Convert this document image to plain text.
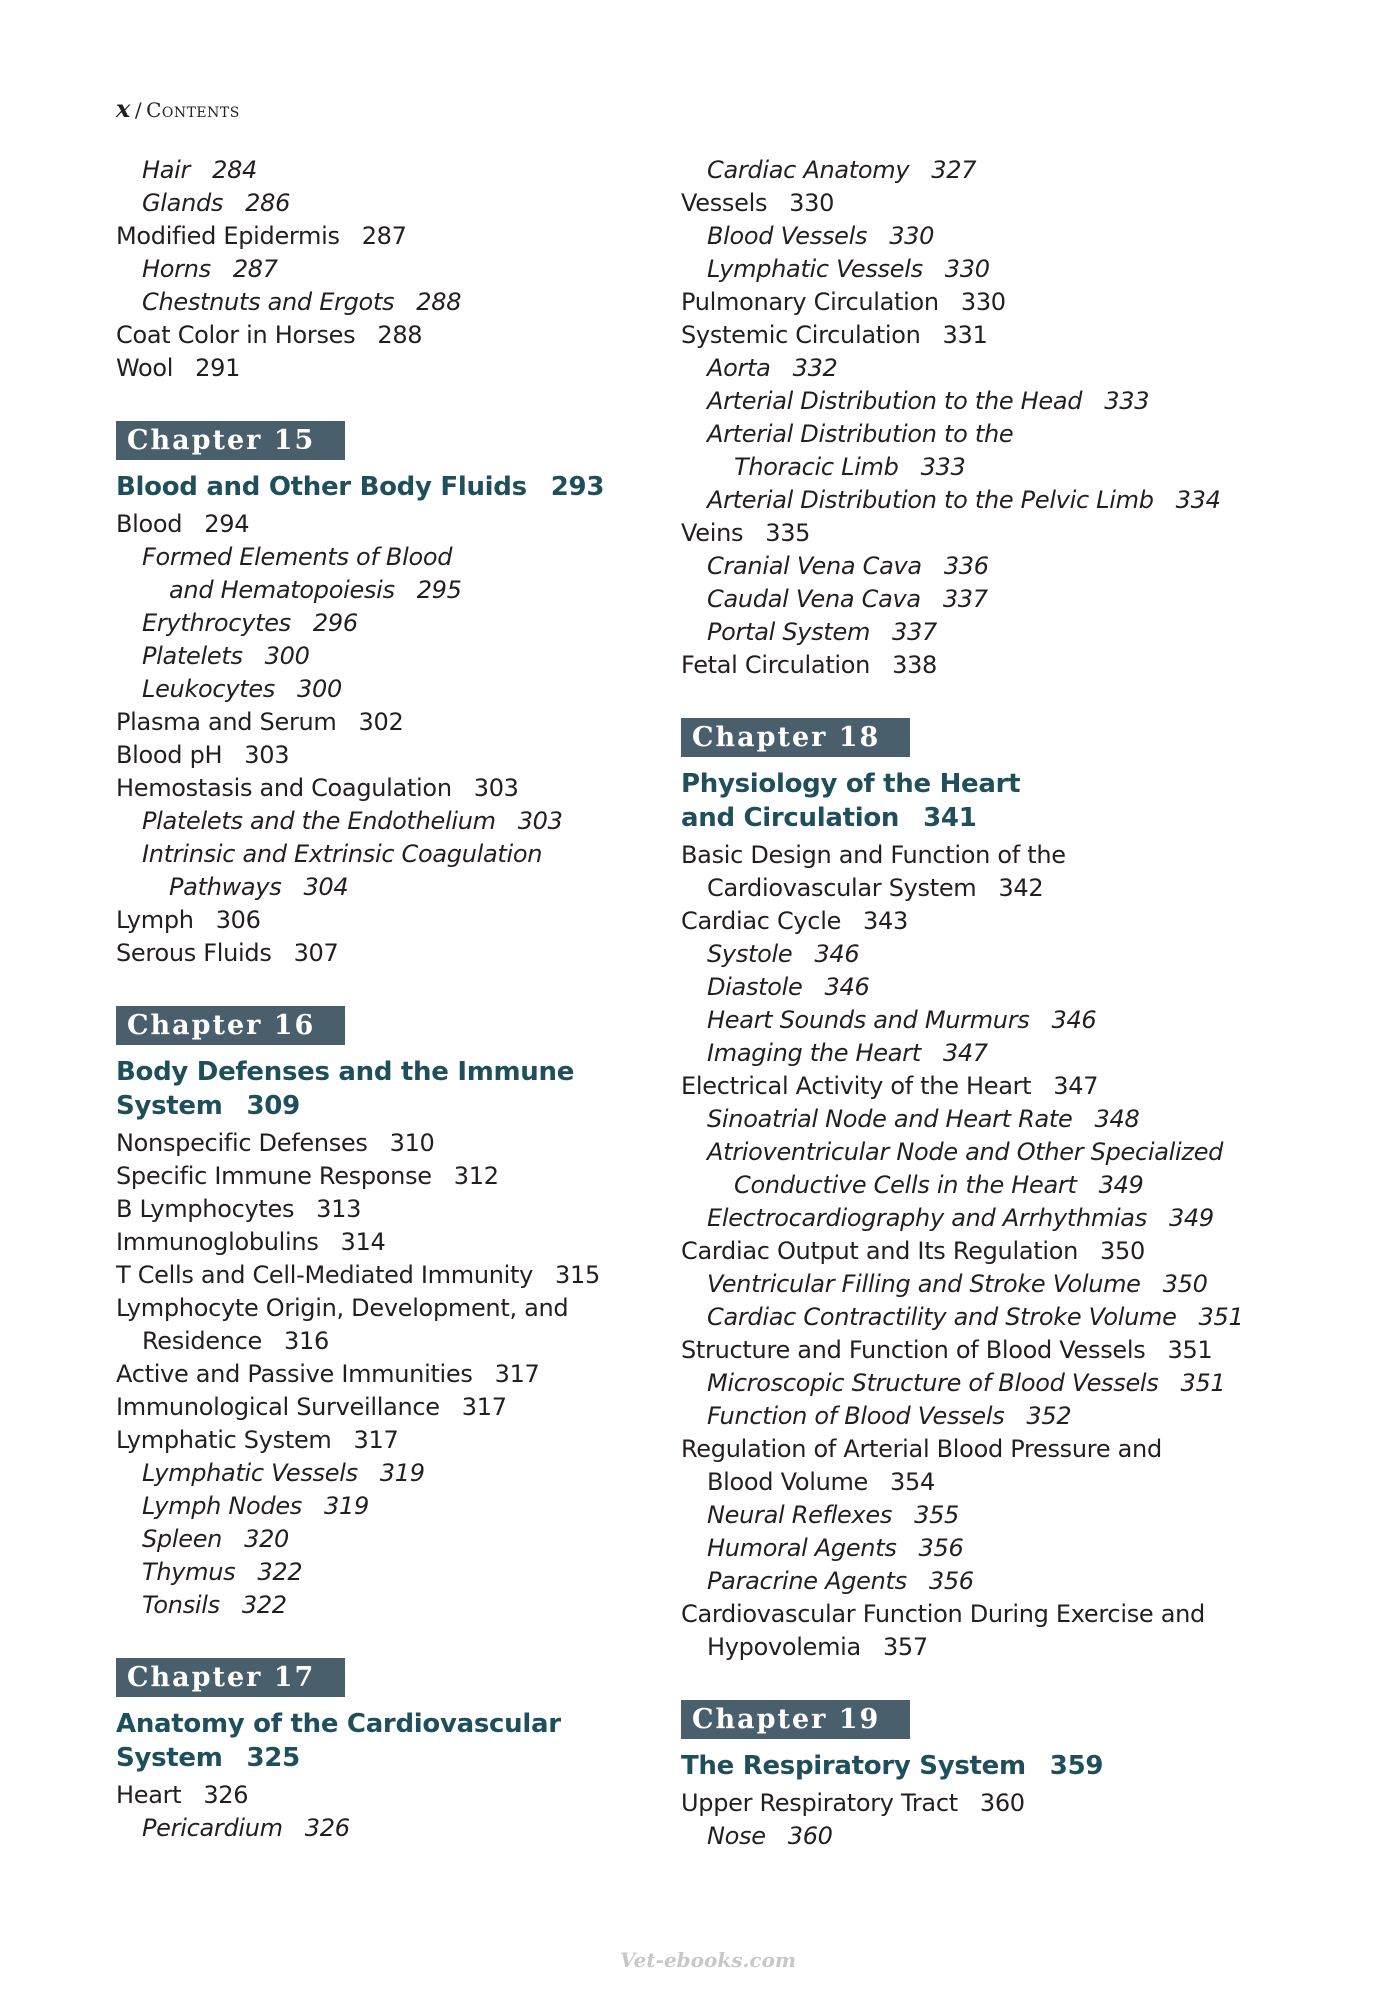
x / Contents
Hair 284
Glands 286
Modified Epidermis 287
Horns 287
Chestnuts and Ergots 288
Coat Color in Horses 288
Wool 291
Chapter 15
Blood and Other Body Fluids 293
Blood 294
Formed Elements of Blood
and Hematopoiesis 295
Erythrocytes 296
Platelets 300
Leukocytes 300
Plasma and Serum 302
Blood pH 303
Hemostasis and Coagulation 303
Platelets and the Endothelium 303
Intrinsic and Extrinsic Coagulation
Pathways 304
Lymph 306
Serous Fluids 307
Chapter 16
Body Defenses and the Immune
System 309
Nonspecific Defenses 310
Specific Immune Response 312
B Lymphocytes 313
Immunoglobulins 314
T Cells and Cell-Mediated Immunity 315
Lymphocyte Origin, Development, and
Residence 316
Active and Passive Immunities 317
Immunological Surveillance 317
Lymphatic System 317
Lymphatic Vessels 319
Lymph Nodes 319
Spleen 320
Thymus 322
Tonsils 322
Chapter 17
Anatomy of the Cardiovascular
System 325
Heart 326
Pericardium 326
Cardiac Anatomy 327
Vessels 330
Blood Vessels 330
Lymphatic Vessels 330
Pulmonary Circulation 330
Systemic Circulation 331
Aorta 332
Arterial Distribution to the Head 333
Arterial Distribution to the
Thoracic Limb 333
Arterial Distribution to the Pelvic Limb 334
Veins 335
Cranial Vena Cava 336
Caudal Vena Cava 337
Portal System 337
Fetal Circulation 338
Chapter 18
Physiology of the Heart
and Circulation 341
Basic Design and Function of the
Cardiovascular System 342
Cardiac Cycle 343
Systole 346
Diastole 346
Heart Sounds and Murmurs 346
Imaging the Heart 347
Electrical Activity of the Heart 347
Sinoatrial Node and Heart Rate 348
Atrioventricular Node and Other Specialized
Conductive Cells in the Heart 349
Electrocardiography and Arrhythmias 349
Cardiac Output and Its Regulation 350
Ventricular Filling and Stroke Volume 350
Cardiac Contractility and Stroke Volume 351
Structure and Function of Blood Vessels 351
Microscopic Structure of Blood Vessels 351
Function of Blood Vessels 352
Regulation of Arterial Blood Pressure and
Blood Volume 354
Neural Reflexes 355
Humoral Agents 356
Paracrine Agents 356
Cardiovascular Function During Exercise and
Hypovolemia 357
Chapter 19
The Respiratory System 359
Upper Respiratory Tract 360
Nose 360
Vet-ebooks.com
